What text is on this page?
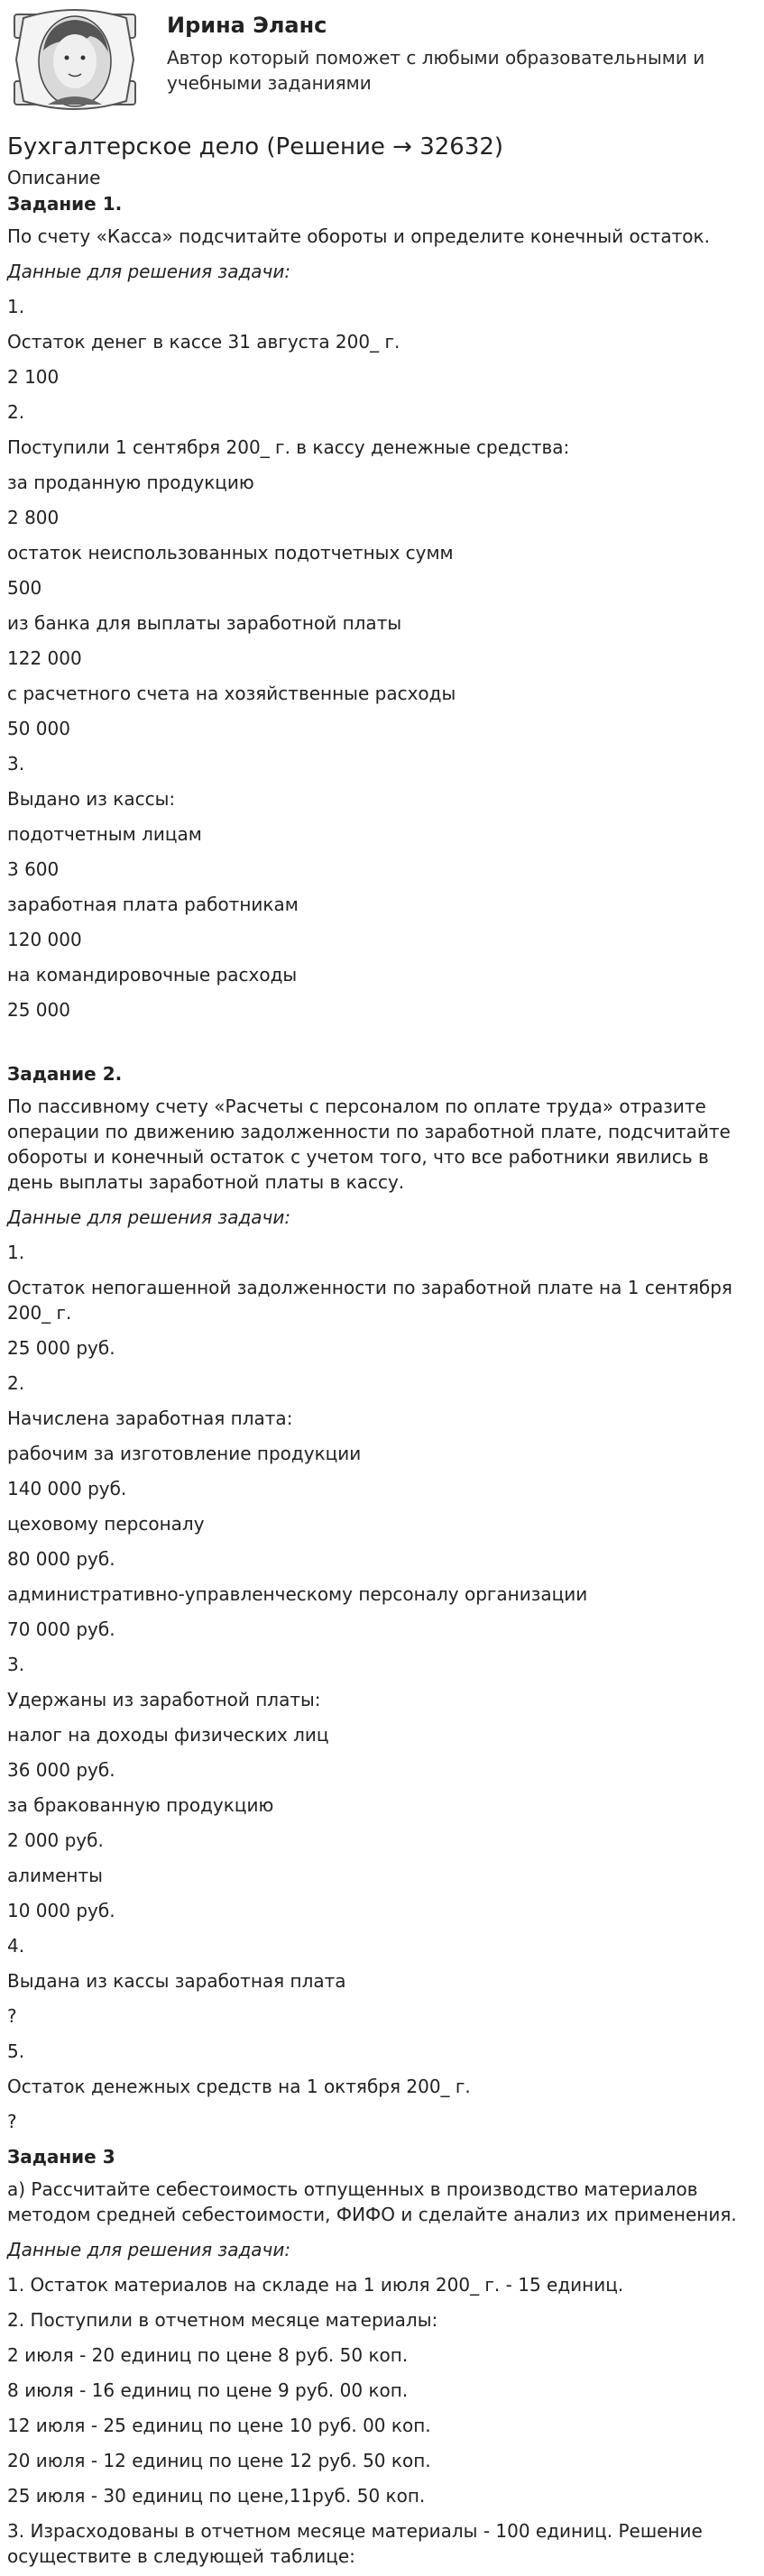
Ирина Эланс
Автор который поможет с любыми образовательными и учебными заданиями
Бухгалтерское дело (Решение → 32632)
Описание
Задание 1.
По счету «Касса» подсчитайте обороты и определите конечный остаток.
Данные для решения задачи:
1.
Остаток денег в кассе 31 августа 200_ г.
2 100
2.
Поступили 1 сентября 200_ г. в кассу денежные средства:
за проданную продукцию
2 800
остаток неиспользованных подотчетных сумм
500
из банка для выплаты заработной платы
122 000
с расчетного счета на хозяйственные расходы
50 000
3.
Выдано из кассы:
подотчетным лицам
3 600
заработная плата работникам
120 000
на командировочные расходы
25 000
Задание 2.
По пассивному счету «Расчеты с персоналом по оплате труда» отразите операции по движению задолженности по заработной плате, подсчитайте обороты и конечный остаток с учетом того, что все работники явились в день выплаты заработной платы в кассу.
Данные для решения задачи:
1.
Остаток непогашенной задолженности по заработной плате на 1 сентября 200_ г.
25 000 руб.
2.
Начислена заработная плата:
рабочим за изготовление продукции
140 000 руб.
цеховому персоналу
80 000 руб.
административно-управленческому персоналу организации
70 000 руб.
3.
Удержаны из заработной платы:
налог на доходы физических лиц
36 000 руб.
за бракованную продукцию
2 000 руб.
алименты
10 000 руб.
4.
Выдана из кассы заработная плата
?
5.
Остаток денежных средств на 1 октября 200_ г.
?
Задание 3
а) Рассчитайте себестоимость отпущенных в производство материалов методом средней себестоимости, ФИФО и сделайте анализ их применения.
Данные для решения задачи:
1. Остаток материалов на складе на 1 июля 200_ г. - 15 единиц.
2. Поступили в отчетном месяце материалы:
2 июля - 20 единиц по цене 8 руб. 50 коп.
8 июля - 16 единиц по цене 9 руб. 00 коп.
12 июля - 25 единиц по цене 10 руб. 00 коп.
20 июля - 12 единиц по цене 12 руб. 50 коп.
25 июля - 30 единиц по цене,11руб. 50 коп.
3. Израсходованы в отчетном месяце материалы - 100 единиц. Решение осуществите в следующей таблице:
